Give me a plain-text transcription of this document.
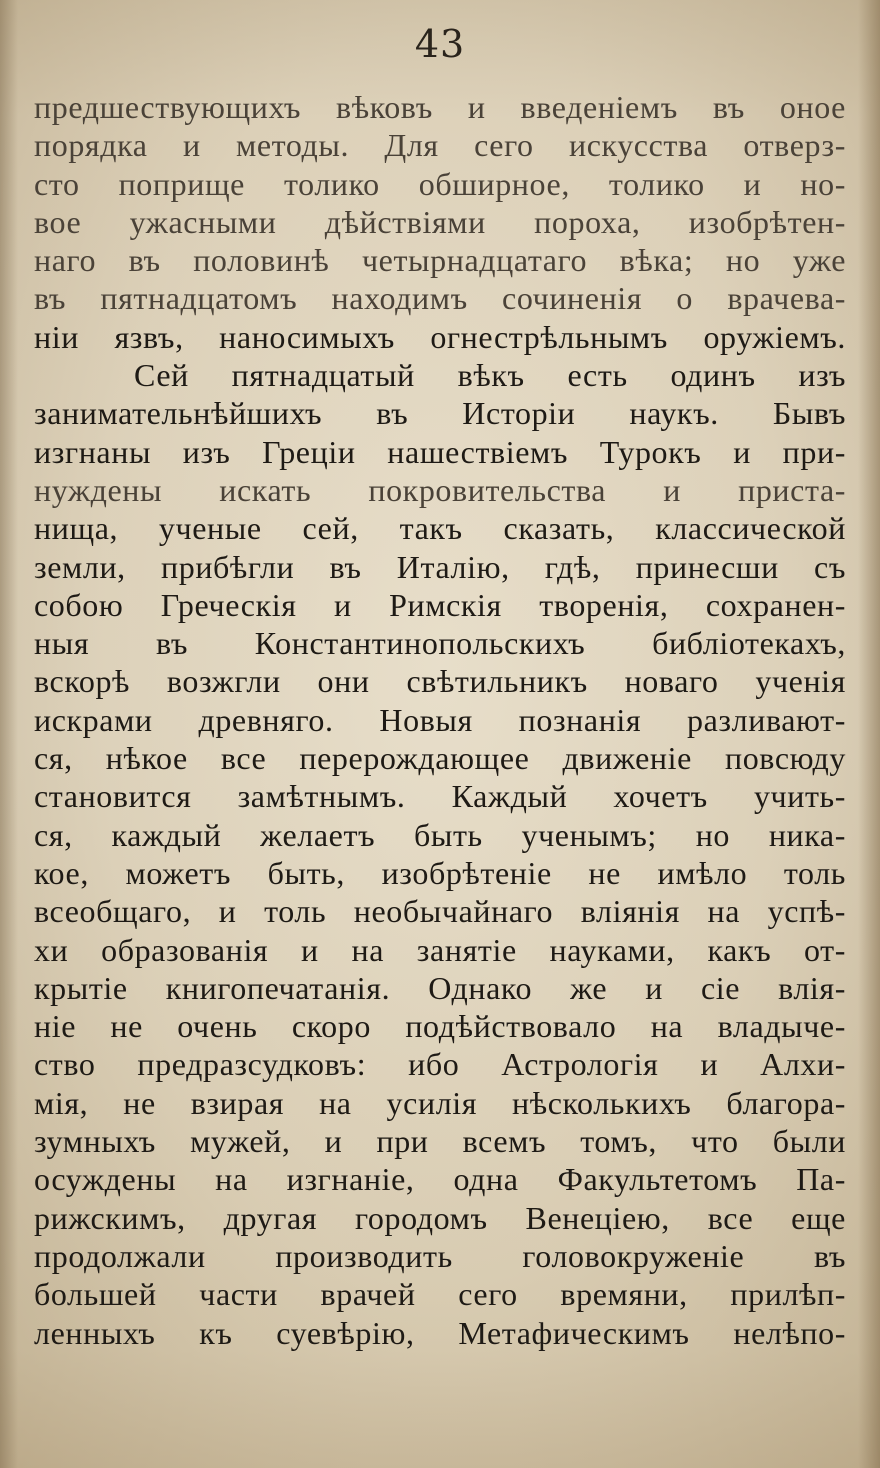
43
предшествующихъ вѣковъ и введеніемъ въ оное
порядка и методы. Для сего искусства отверз-
сто поприще толико обширное, толико и но-
вое ужасными дѣйствіями пороха, изобрѣтен-
наго въ половинѣ четырнадцатаго вѣка; но уже
въ пятнадцатомъ находимъ сочиненія о врачева-
ніи язвъ, наносимыхъ огнестрѣльнымъ оружіемъ.
Сей пятнадцатый вѣкъ есть одинъ изъ
занимательнѣйшихъ въ Исторіи наукъ. Бывъ
изгнаны изъ Греціи нашествіемъ Турокъ и при-
нуждены искать покровительства и приста-
нища, ученые сей, такъ сказать, классической
земли, прибѣгли въ Италію, гдѣ, принесши съ
собою Греческія и Римскія творенія, сохранен-
ныя въ Константинопольскихъ библіотекахъ,
вскорѣ возжгли они свѣтильникъ новаго ученія
искрами древняго. Новыя познанія разливают-
ся, нѣкое все перерождающее движеніе повсюду
становится замѣтнымъ. Каждый хочетъ учить-
ся, каждый желаетъ быть ученымъ; но ника-
кое, можетъ быть, изобрѣтеніе не имѣло толь
всеобщаго, и толь необычайнаго вліянія на успѣ-
хи образованія и на занятіе науками, какъ от-
крытіе книгопечатанія. Однако же и сіе влія-
ніе не очень скоро подѣйствовало на владыче-
ство предразсудковъ: ибо Астрологія и Алхи-
мія, не взирая на усилія нѣсколькихъ благора-
зумныхъ мужей, и при всемъ томъ, что были
осуждены на изгнаніе, одна Факультетомъ Па-
рижскимъ, другая городомъ Венеціею, все еще
продолжали производить головокруженіе въ
большей части врачей сего времяни, прилѣп-
ленныхъ къ суевѣрію, Метафическимъ нелѣпо-
